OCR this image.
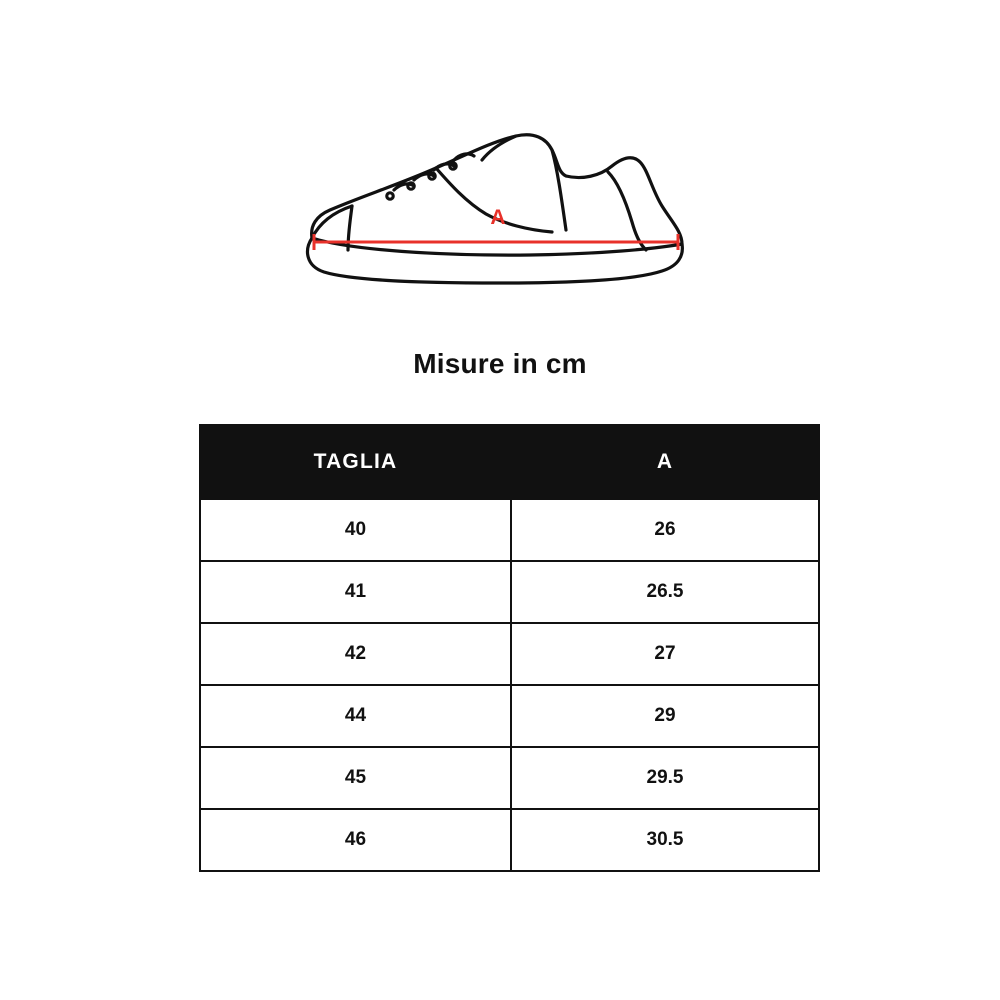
A
Misure in cm
TAGLIA	A
40	26
41	26.5
42	27
44	29
45	29.5
46	30.5
